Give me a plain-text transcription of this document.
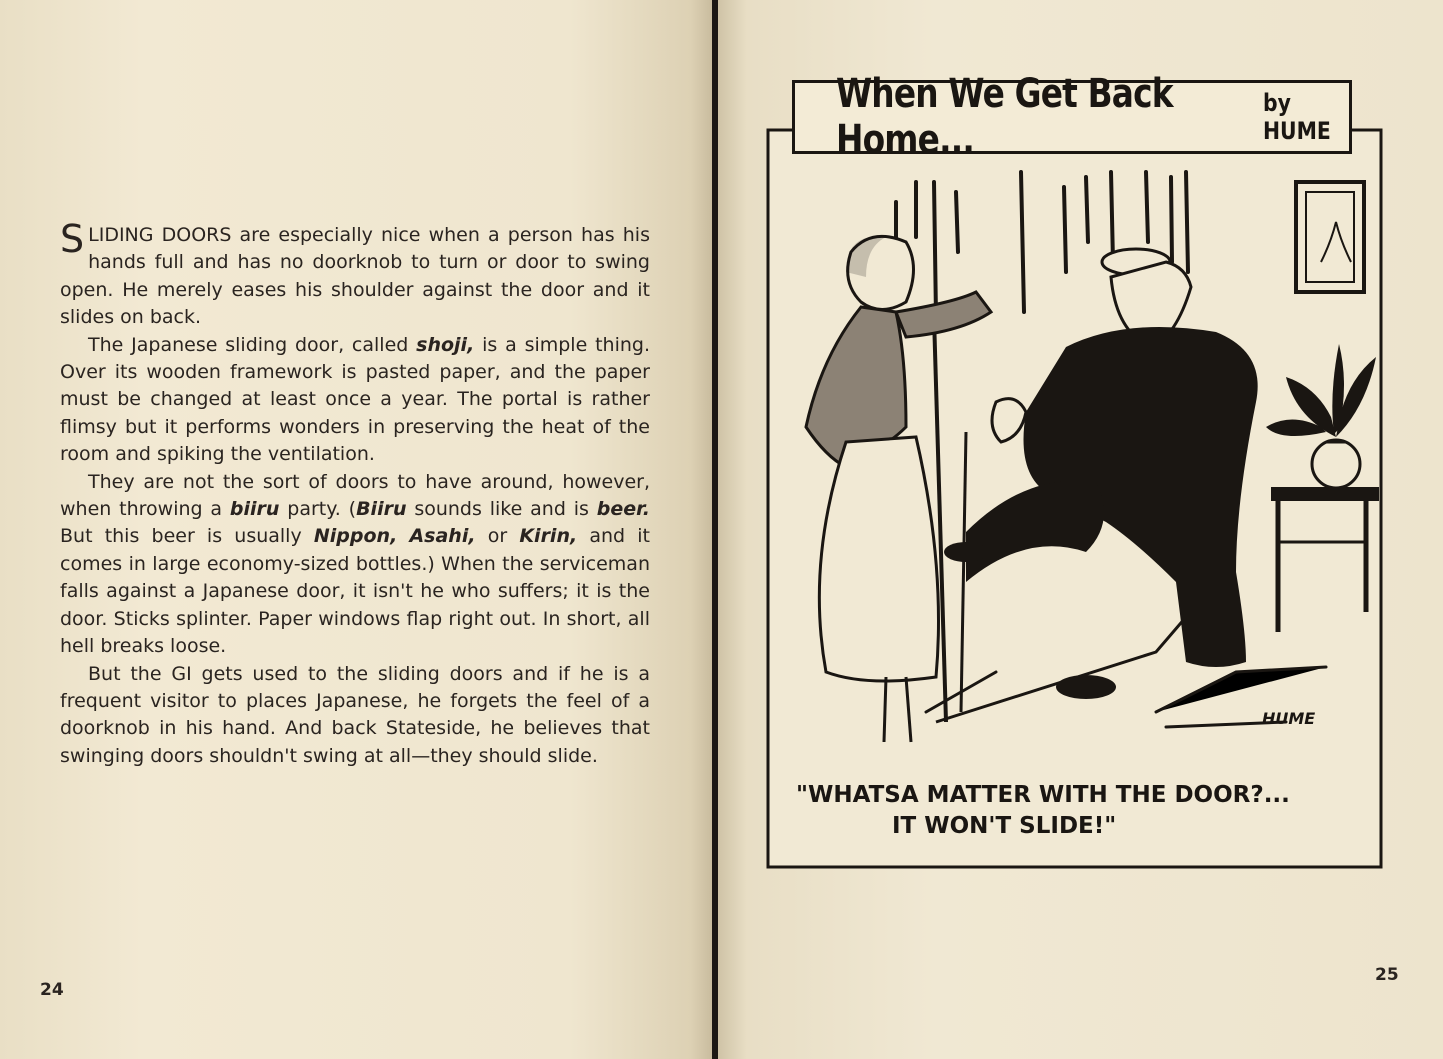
SLIDING DOORS are especially nice when a person has his hands full and has no doorknob to turn or door to swing open. He merely eases his shoulder against the door and it slides on back.

The Japanese sliding door, called shoji, is a simple thing. Over its wooden framework is pasted paper, and the paper must be changed at least once a year. The portal is rather flimsy but it performs wonders in preserving the heat of the room and spiking the ventilation.

They are not the sort of doors to have around, however, when throwing a biiru party. (Biiru sounds like and is beer. But this beer is usually Nippon, Asahi, or Kirin, and it comes in large economy-sized bottles.) When the serviceman falls against a Japanese door, it isn't he who suffers; it is the door. Sticks splinter. Paper windows flap right out. In short, all hell breaks loose.

But the GI gets used to the sliding doors and if he is a frequent visitor to places Japanese, he forgets the feel of a doorknob in his hand. And back Stateside, he believes that swinging doors shouldn't swing at all—they should slide.

24
25
When We Get Back Home...
by HUME
HUME
"WHATSA MATTER WITH THE DOOR?...
IT WON'T SLIDE!"
